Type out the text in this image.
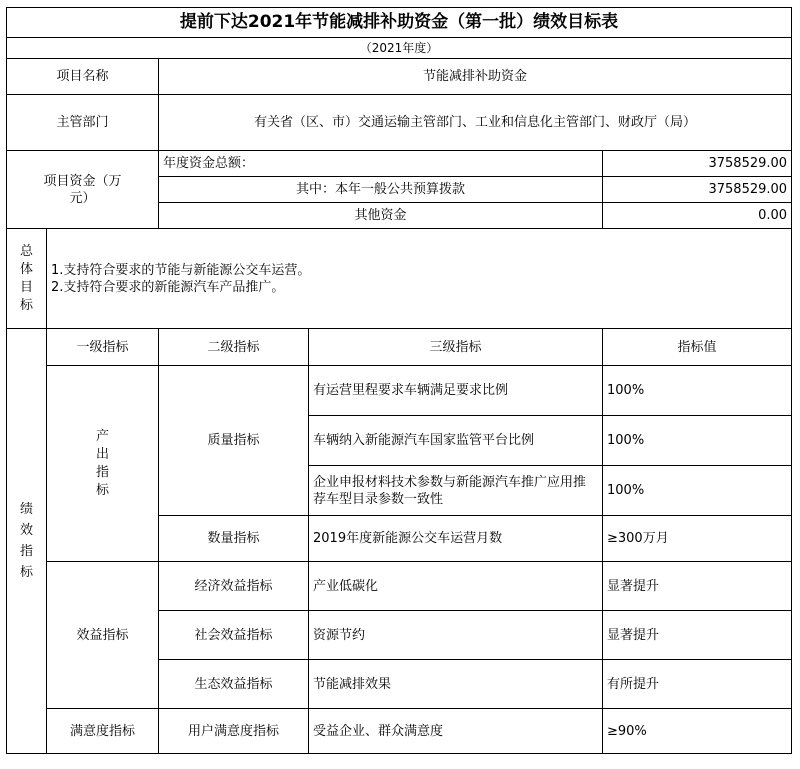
提前下达2021年节能减排补助资金（第一批）绩效目标表				
（2021年度）				
项目名称		节能减排补助资金		
主管部门		有关省（区、市）交通运输主管部门、工业和信息化主管部门、财政厅（局）		
项目资金（万元）		年度资金总额：		3758529.00
		其中：本年一般公共预算拨款		3758529.00
		其他资金		0.00

总体目标	1.支持符合要求的节能与新能源公交车运营。
2.支持符合要求的新能源汽车产品推广。			

绩效指标	一级指标	二级指标	三级指标	指标值

	产出指标	质量指标	有运营里程要求车辆满足要求比例	100%
			车辆纳入新能源汽车国家监管平台比例	100%
			企业申报材料技术参数与新能源汽车推广应用推荐车型目录参数一致性	100%
		数量指标	2019年度新能源公交车运营月数	≥300万月
	效益指标	经济效益指标	产业低碳化	显著提升
		社会效益指标	资源节约	显著提升
		生态效益指标	节能减排效果	有所提升
	满意度指标	用户满意度指标	受益企业、群众满意度	≥90%
